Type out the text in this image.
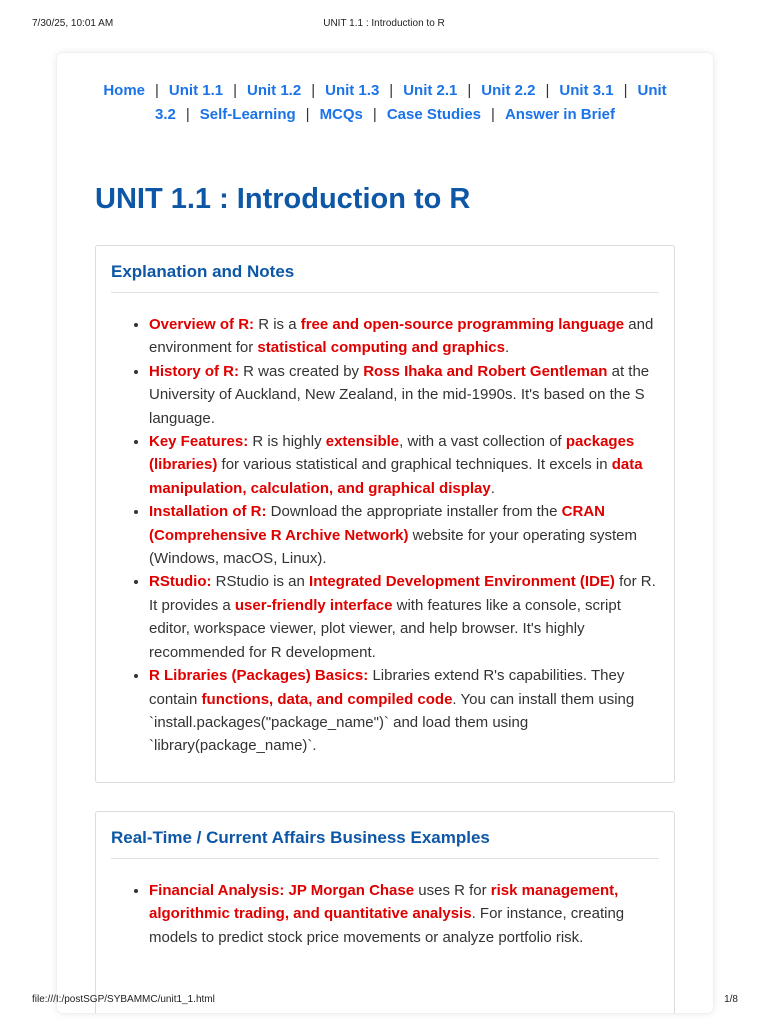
7/30/25, 10:01 AM	UNIT 1.1 : Introduction to R
Home | Unit 1.1 | Unit 1.2 | Unit 1.3 | Unit 2.1 | Unit 2.2 | Unit 3.1 | Unit 3.2 | Self-Learning | MCQs | Case Studies | Answer in Brief
UNIT 1.1 : Introduction to R
Explanation and Notes
• Overview of R: R is a free and open-source programming language and environment for statistical computing and graphics.
• History of R: R was created by Ross Ihaka and Robert Gentleman at the University of Auckland, New Zealand, in the mid-1990s. It's based on the S language.
• Key Features: R is highly extensible, with a vast collection of packages (libraries) for various statistical and graphical techniques. It excels in data manipulation, calculation, and graphical display.
• Installation of R: Download the appropriate installer from the CRAN (Comprehensive R Archive Network) website for your operating system (Windows, macOS, Linux).
• RStudio: RStudio is an Integrated Development Environment (IDE) for R. It provides a user-friendly interface with features like a console, script editor, workspace viewer, plot viewer, and help browser. It's highly recommended for R development.
• R Libraries (Packages) Basics: Libraries extend R's capabilities. They contain functions, data, and compiled code. You can install them using `install.packages("package_name")` and load them using `library(package_name)`.
Real-Time / Current Affairs Business Examples
• Financial Analysis: JP Morgan Chase uses R for risk management, algorithmic trading, and quantitative analysis. For instance, creating models to predict stock price movements or analyze portfolio risk.
file:///I:/postSGP/SYBAMMC/unit1_1.html	1/8
